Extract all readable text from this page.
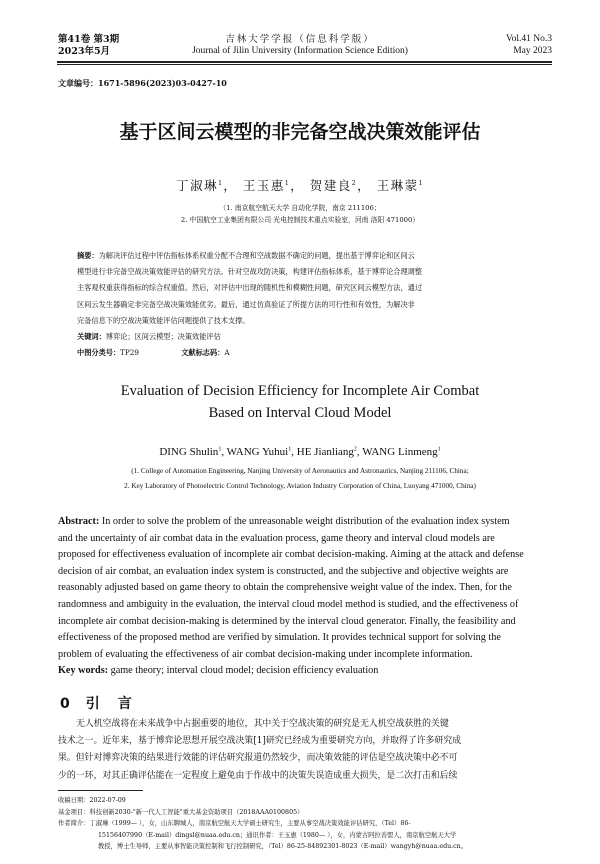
第41卷 第3期
2023年5月
吉林大学学报（信息科学版）
Journal of Jilin University (Information Science Edition)
Vol.41 No.3
May 2023
文章编号：1671-5896(2023)03-0427-10
基于区间云模型的非完备空战决策效能评估
丁淑琳$^1$， 王玉惠$^1$， 贺建良$^2$， 王琳蒙$^1$
（1. 南京航空航天大学 自动化学院，南京 211106；
2. 中国航空工业集团有限公司 光电控制技术重点实验室，河南 洛阳 471000）
摘要：为解决评估过程中评估指标体系权重分配不合理和空战数据不确定的问题，提出基于博弈论和区间云
模型进行非完备空战决策效能评估的研究方法。针对空战攻防决策，构建评估指标体系，基于博弈论合理调整
主客观权重获得指标的综合权重值。然后，对评估中出现的随机性和模糊性问题，研究区间云模型方法，通过
区间云发生器确定非完备空战决策效能优劣。最后，通过仿真验证了所提方法的可行性和有效性，为解决非
完备信息下的空战决策效能评估问题提供了技术支撑。
关键词：博弈论；区间云模型；决策效能评估
中图分类号：TP29	文献标志码：A
Evaluation of Decision Efficiency for Incomplete Air Combat
Based on Interval Cloud Model
DING Shulin$^1$, WANG Yuhui$^1$, HE Jianliang$^2$, WANG Linmeng$^1$
(1. College of Automation Engineering, Nanjing University of Aeronautics and Astronautics, Nanjing 211106, China;
2. Key Laboratory of Photoelectric Control Technology, Aviation Industry Corporation of China, Luoyang 471000, China)
Abstract: In order to solve the problem of the unreasonable weight distribution of the evaluation index system
and the uncertainty of air combat data in the evaluation process, game theory and interval cloud models are
proposed for effectiveness evaluation of incomplete air combat decision-making. Aiming at the attack and defense
decision of air combat, an evaluation index system is constructed, and the subjective and objective weights are
reasonably adjusted based on game theory to obtain the comprehensive weight value of the index. Then, for the
randomness and ambiguity in the evaluation, the interval cloud model method is studied, and the effectiveness of
incomplete air combat decision-making is determined by the interval cloud generator. Finally, the feasibility and
effectiveness of the proposed method are verified by simulation. It provides technical support for solving the
problem of evaluating the effectiveness of air combat decision-making under incomplete information.
Key words: game theory; interval cloud model; decision efficiency evaluation
0 引　言
无人机空战将在未来战争中占据重要的地位，其中关于空战决策的研究是无人机空战获胜的关键
技术之一。近年来，基于博弈论思想开展空战决策[1]研究已经成为重要研究方向，并取得了许多研究成
果。但针对博弈决策的结果进行效能的评估研究报道仍然较少，而决策效能的评估是空战决策中必不可
少的一环，对其正确评估能在一定程度上避免由于作战中的决策失误造成重大损失，是二次打击和后续
收稿日期：2022-07-09
基金项目：科技创新2030-"新一代人工智能"重大基金资助项目（2018AAA0100805）
作者简介：丁淑琳（1999— ），女，山东聊城人，南京航空航天大学硕士研究生，主要从事空战决策效能评估研究，（Tel）86-
15156407990（E-mail）dingsl@nuaa.edu.cn；通讯作者：王玉惠（1980— ），女，内蒙古阿拉善盟人，南京航空航天大学
教授，博士生导师，主要从事智能决策控制和飞行控制研究，（Tel）86-25-84892301-8023（E-mail）wangyh@nuaa.edu.cn。
